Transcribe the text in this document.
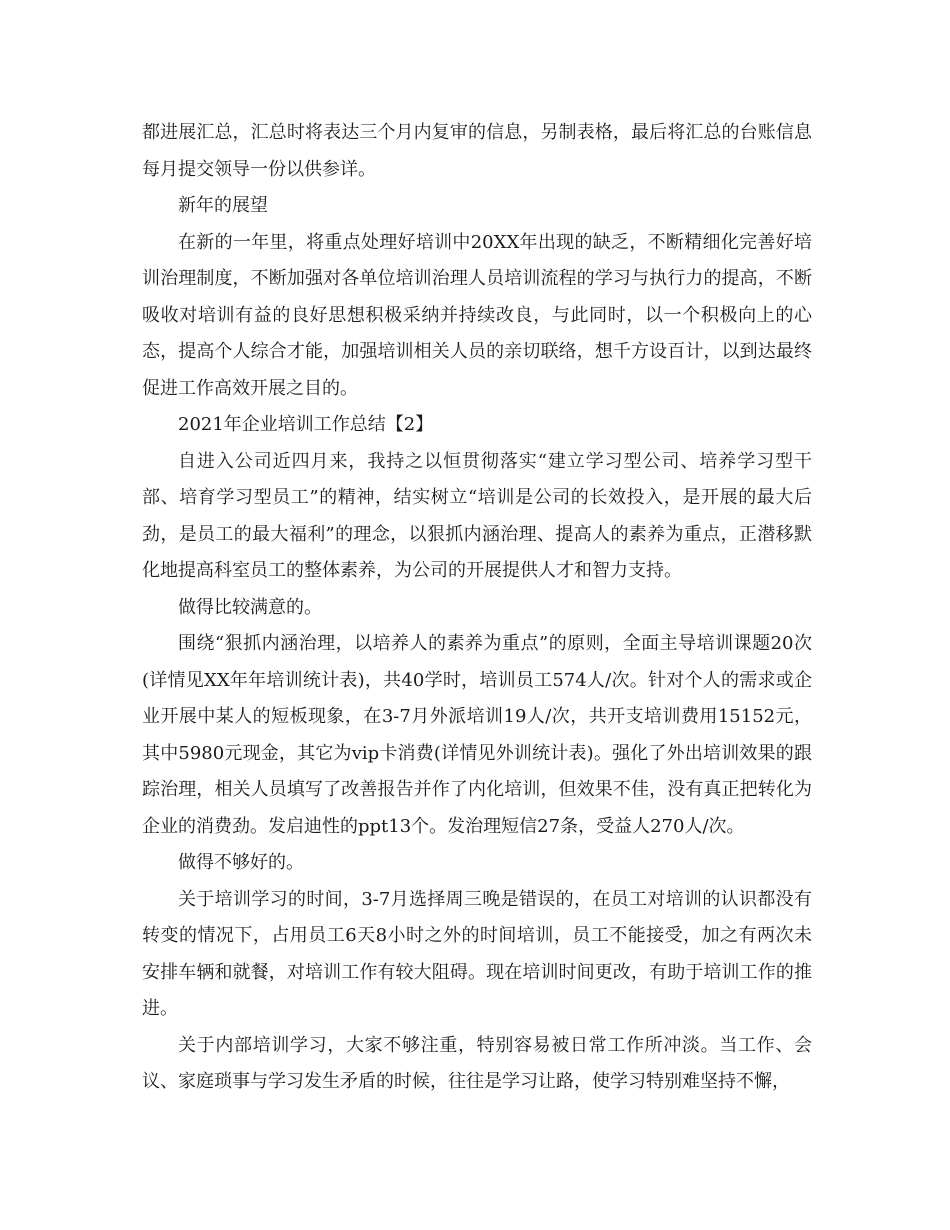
都进展汇总，汇总时将表达三个月内复审的信息，另制表格，最后将汇总的台账信息每月提交领导一份以供参详。

新年的展望

在新的一年里，将重点处理好培训中20XX年出现的缺乏，不断精细化完善好培训治理制度，不断加强对各单位培训治理人员培训流程的学习与执行力的提高，不断吸收对培训有益的良好思想积极采纳并持续改良，与此同时，以一个积极向上的心态，提高个人综合才能，加强培训相关人员的亲切联络，想千方设百计，以到达最终促进工作高效开展之目的。

2021年企业培训工作总结【2】

自进入公司近四月来，我持之以恒贯彻落实“建立学习型公司、培养学习型干部、培育学习型员工”的精神，结实树立“培训是公司的长效投入，是开展的最大后劲，是员工的最大福利”的理念，以狠抓内涵治理、提高人的素养为重点，正潜移默化地提高科室员工的整体素养，为公司的开展提供人才和智力支持。

做得比较满意的。

围绕“狠抓内涵治理，以培养人的素养为重点”的原则，全面主导培训课题20次(详情见XX年年培训统计表)，共40学时，培训员工574人/次。针对个人的需求或企业开展中某人的短板现象，在3-7月外派培训19人/次，共开支培训费用15152元，其中5980元现金，其它为vip卡消费(详情见外训统计表)。强化了外出培训效果的跟踪治理，相关人员填写了改善报告并作了内化培训，但效果不佳，没有真正把转化为企业的消费劲。发启迪性的ppt13个。发治理短信27条，受益人270人/次。

做得不够好的。

关于培训学习的时间，3-7月选择周三晚是错误的，在员工对培训的认识都没有转变的情况下，占用员工6天8小时之外的时间培训，员工不能接受，加之有两次未安排车辆和就餐，对培训工作有较大阻碍。现在培训时间更改，有助于培训工作的推进。

关于内部培训学习，大家不够注重，特别容易被日常工作所冲淡。当工作、会议、家庭琐事与学习发生矛盾的时候，往往是学习让路，使学习特别难坚持不懈，
